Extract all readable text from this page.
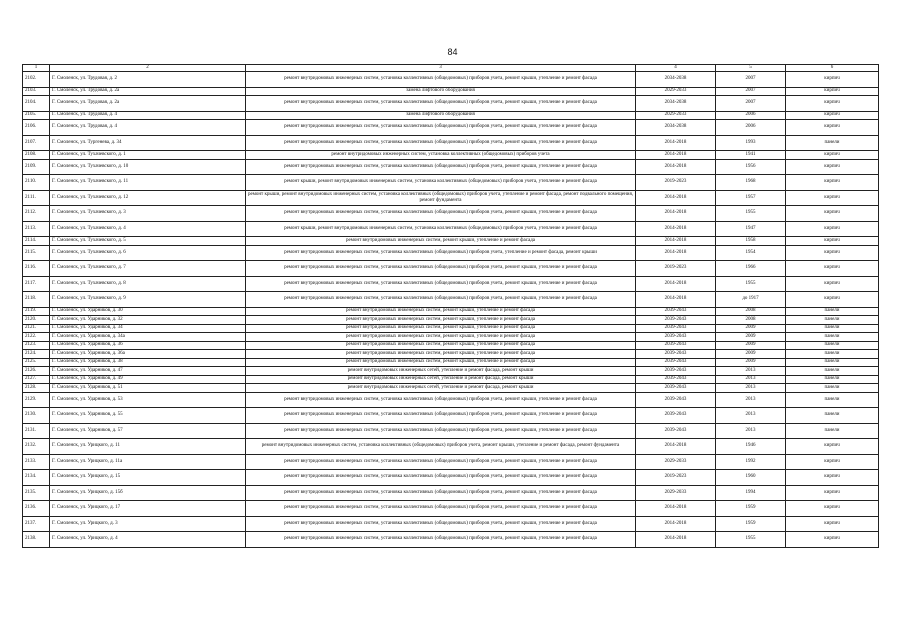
84
1	2	3	4	5	6
2102.	Г. Смоленск, ул. Трудовая, д. 2	ремонт внутридомовых инженерных систем, установка коллективных (общедомовых) приборов учета, ремонт крыши, утепление и ремонт фасада	2034-2038	2007	кирпич
2103.	Г. Смоленск, ул. Трудовая, д. 2а	замена лифтового оборудования	2029-2033	2007	кирпич
2104.	Г. Смоленск, ул. Трудовая, д. 2а	ремонт внутридомовых инженерных систем, установка коллективных (общедомовых) приборов учета, ремонт крыши, утепление и ремонт фасада	2034-2038	2007	кирпич
2105.	Г. Смоленск, ул. Трудовая, д. 4	замена лифтового оборудования	2029-2033	2006	кирпич
2106.	Г. Смоленск, ул. Трудовая, д. 4	ремонт внутридомовых инженерных систем, установка коллективных (общедомовых) приборов учета, ремонт крыши, утепление и ремонт фасада	2034-2038	2006	кирпич
2107.	Г. Смоленск, ул. Тургенева, д. 34	ремонт внутридомовых инженерных систем, установка коллективных (общедомовых) приборов учета, ремонт крыши, утепление и ремонт фасада	2014-2018	1993	панели
2108.	Г. Смоленск, ул. Тухачевского, д. 1	ремонт внутридомовых инженерных систем, установка коллективных (общедомовых) приборов учета	2014-2018	1941	кирпич
2109.	Г. Смоленск, ул. Тухачевского, д. 10	ремонт внутридомовых инженерных систем, установка коллективных (общедомовых) приборов учета, ремонт крыши, утепление и ремонт фасада	2014-2018	1956	кирпич
2110.	Г. Смоленск, ул. Тухачевского, д. 11	ремонт крыши, ремонт внутридомовых инженерных систем, установка коллективных (общедомовых) приборов учета, утепление и ремонт фасада	2019-2023	1968	кирпич
2111.	Г. Смоленск, ул. Тухачевского, д. 12	ремонт крыши, ремонт внутридомовых инженерных систем, установка коллективных (общедомовых) приборов учета, утепление и ремонт фасада, ремонт подвального помещения, ремонт фундамента	2014-2018	1957	кирпич
2112.	Г. Смоленск, ул. Тухачевского, д. 3	ремонт внутридомовых инженерных систем, установка коллективных (общедомовых) приборов учета, ремонт крыши, утепление и ремонт фасада	2014-2018	1955	кирпич
2113.	Г. Смоленск, ул. Тухачевского, д. 4	ремонт крыши, ремонт внутридомовых инженерных систем, установка коллективных (общедомовых) приборов учета, утепление и ремонт фасада	2014-2018	1947	кирпич
2114.	Г. Смоленск, ул. Тухачевского, д. 5	ремонт внутридомовых инженерных систем, ремонт крыши, утепление и ремонт фасада	2014-2018	1958	кирпич
2115.	Г. Смоленск, ул. Тухачевского, д. 6	ремонт внутридомовых инженерных систем, установка коллективных (общедомовых) приборов учета, утепление и ремонт фасада, ремонт крыши	2014-2018	1954	кирпич
2116.	Г. Смоленск, ул. Тухачевского, д. 7	ремонт внутридомовых инженерных систем, установка коллективных (общедомовых) приборов учета, ремонт крыши, утепление и ремонт фасада	2019-2023	1966	кирпич
2117.	Г. Смоленск, ул. Тухачевского, д. 8	ремонт внутридомовых инженерных систем, установка коллективных (общедомовых) приборов учета, ремонт крыши, утепление и ремонт фасада	2014-2018	1955	кирпич
2118.	Г. Смоленск, ул. Тухачевского, д. 9	ремонт внутридомовых инженерных систем, установка коллективных (общедомовых) приборов учета, ремонт крыши, утепление и ремонт фасада	2014-2018	до 1917	кирпич
2119.	Г. Смоленск, ул. Ударников, д. 30	ремонт внутридомовых инженерных систем, ремонт крыши, утепление и ремонт фасада	2039-2043	2008	панели
2120.	Г. Смоленск, ул. Ударников, д. 32	ремонт внутридомовых инженерных систем, ремонт крыши, утепление и ремонт фасада	2039-2043	2008	панели
2121.	Г. Смоленск, ул. Ударников, д. 34	ремонт внутридомовых инженерных систем, ремонт крыши, утепление и ремонт фасада	2039-2043	2009	панели
2122.	Г. Смоленск, ул. Ударников, д. 34а	ремонт внутридомовых инженерных систем, ремонт крыши, утепление и ремонт фасада	2039-2043	2009	панели
2123.	Г. Смоленск, ул. Ударников, д. 36	ремонт внутридомовых инженерных систем, ремонт крыши, утепление и ремонт фасада	2039-2043	2009	панели
2124.	Г. Смоленск, ул. Ударников, д. 36а	ремонт внутридомовых инженерных систем, ремонт крыши, утепление и ремонт фасада	2039-2043	2009	панели
2125.	Г. Смоленск, ул. Ударников, д. 38	ремонт внутридомовых инженерных систем, ремонт крыши, утепление и ремонт фасада	2039-2043	2009	панели
2126.	Г. Смоленск, ул. Ударников, д. 47	ремонт внутридомовых инженерных сетей, утепление и ремонт фасада, ремонт крыши	2039-2043	2013	панели
2127.	Г. Смоленск, ул. Ударников, д. 49	ремонт внутридомовых инженерных сетей, утепление и ремонт фасада, ремонт крыши	2039-2043	2013	панели
2128.	Г. Смоленск, ул. Ударников, д. 51	ремонт внутридомовых инженерных сетей, утепление и ремонт фасада, ремонт крыши	2039-2043	2013	панели
2129.	Г. Смоленск, ул. Ударников, д. 53	ремонт внутридомовых инженерных систем, установка коллективных (общедомовых) приборов учета, ремонт крыши, утепление и ремонт фасада	2039-2043	2013	панели
2130.	Г. Смоленск, ул. Ударников, д. 55	ремонт внутридомовых инженерных систем, установка коллективных (общедомовых) приборов учета, ремонт крыши, утепление и ремонт фасада	2039-2043	2013	панели
2131.	Г. Смоленск, ул. Ударников, д. 57	ремонт внутридомовых инженерных систем, установка коллективных (общедомовых) приборов учета, ремонт крыши, утепление и ремонт фасада	2039-2043	2013	панели
2132.	Г. Смоленск, ул. Урицкого, д. 11	ремонт внутридомовых инженерных систем, установка коллективных (общедомовых) приборов учета, ремонт крыши, утепление и ремонт фасада, ремонт фундамента	2014-2018	1946	кирпич
2133.	Г. Смоленск, ул. Урицкого, д. 11а	ремонт внутридомовых инженерных систем, установка коллективных (общедомовых) приборов учета, ремонт крыши, утепление и ремонт фасада	2029-2033	1992	кирпич
2134.	Г. Смоленск, ул. Урицкого, д. 15	ремонт внутридомовых инженерных систем, установка коллективных (общедомовых) приборов учета, ремонт крыши, утепление и ремонт фасада	2019-2023	1960	кирпич
2135.	Г. Смоленск, ул. Урицкого, д. 15б	ремонт внутридомовых инженерных систем, установка коллективных (общедомовых) приборов учета, ремонт крыши, утепление и ремонт фасада	2029-2033	1994	кирпич
2136.	Г. Смоленск, ул. Урицкого, д. 17	ремонт внутридомовых инженерных систем, установка коллективных (общедомовых) приборов учета, ремонт крыши, утепление и ремонт фасада	2014-2018	1959	кирпич
2137.	Г. Смоленск, ул. Урицкого, д. 3	ремонт внутридомовых инженерных систем, установка коллективных (общедомовых) приборов учета, ремонт крыши, утепление и ремонт фасада	2014-2018	1959	кирпич
2138.	Г. Смоленск, ул. Урицкого, д. 4	ремонт внутридомовых инженерных систем, установка коллективных (общедомовых) приборов учета, ремонт крыши, утепление и ремонт фасада	2014-2018	1955	кирпич
